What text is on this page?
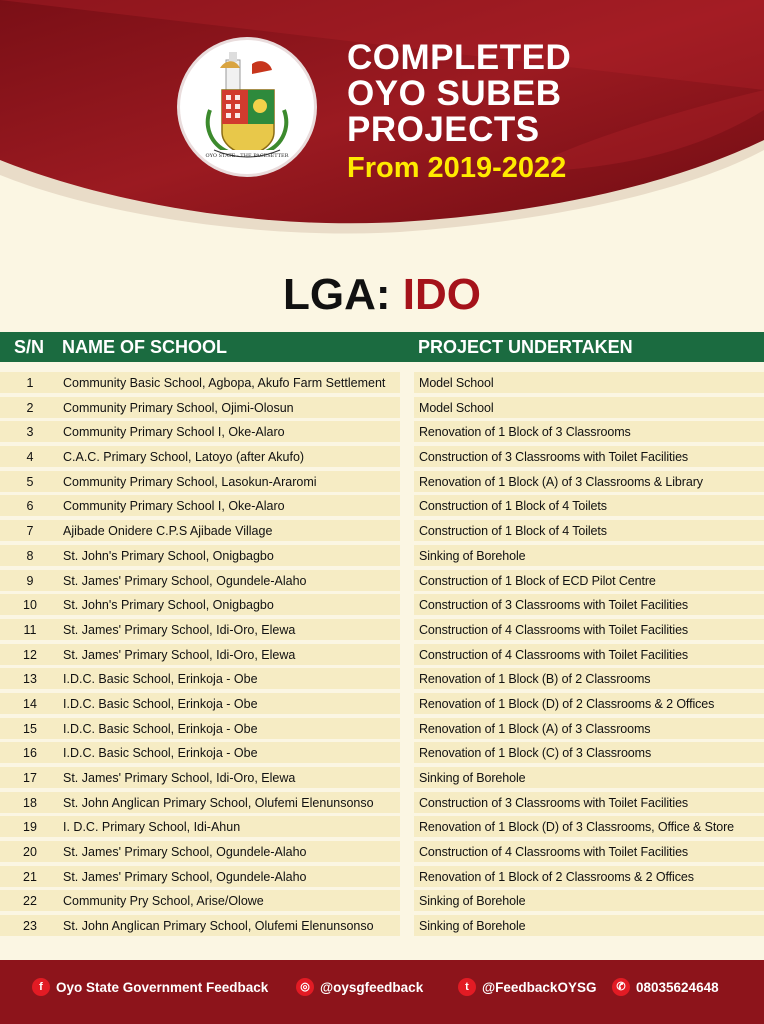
OYO STATE - THE PACESETTER
COMPLETED
OYO SUBEB
PROJECTS
From 2019-2022
LGA: IDO
S/N NAME OF SCHOOL	PROJECT UNDERTAKEN
1	Community Basic School, Agbopa, Akufo Farm Settlement	Model School
2	Community Primary School, Ojimi-Olosun	Model School
3	Community Primary School I, Oke-Alaro	Renovation of 1 Block of 3 Classrooms
4	C.A.C. Primary School, Latoyo (after Akufo)	Construction of 3 Classrooms with Toilet Facilities
5	Community Primary School, Lasokun-Araromi	Renovation of 1 Block (A) of 3 Classrooms & Library
6	Community Primary School I, Oke-Alaro	Construction of 1 Block of 4 Toilets
7	Ajibade Onidere C.P.S Ajibade Village	Construction of 1 Block of 4 Toilets
8	St. John's Primary School, Onigbagbo	Sinking of Borehole
9	St. James' Primary School, Ogundele-Alaho	Construction of 1 Block of ECD Pilot Centre
10	St. John's Primary School, Onigbagbo	Construction of 3 Classrooms with Toilet Facilities
11	St. James' Primary School, Idi-Oro, Elewa	Construction of 4 Classrooms with Toilet Facilities
12	St. James' Primary School, Idi-Oro, Elewa	Construction of 4 Classrooms with Toilet Facilities
13	I.D.C. Basic School, Erinkoja - Obe	Renovation of 1 Block (B) of 2 Classrooms
14	I.D.C. Basic School, Erinkoja - Obe	Renovation of 1 Block (D) of 2 Classrooms & 2 Offices
15	I.D.C. Basic School, Erinkoja - Obe	Renovation of 1 Block (A) of 3 Classrooms
16	I.D.C. Basic School, Erinkoja - Obe	Renovation of 1 Block (C) of 3 Classrooms
17	St. James' Primary School, Idi-Oro, Elewa	Sinking of Borehole
18	St. John Anglican Primary School, Olufemi Elenunsonso	Construction of 3 Classrooms with Toilet Facilities
19	I. D.C. Primary School, Idi-Ahun	Renovation of 1 Block (D) of 3 Classrooms, Office & Store
20	St. James' Primary School, Ogundele-Alaho	Construction of 4 Classrooms with Toilet Facilities
21	St. James' Primary School, Ogundele-Alaho	Renovation of 1 Block of 2 Classrooms & 2 Offices
22	Community Pry School, Arise/Olowe	Sinking of Borehole
23	St. John Anglican Primary School, Olufemi Elenunsonso	Sinking of Borehole
f Oyo State Government Feedback	◎ @oysgfeedback	t @FeedbackOYSG	✆ 08035624648
